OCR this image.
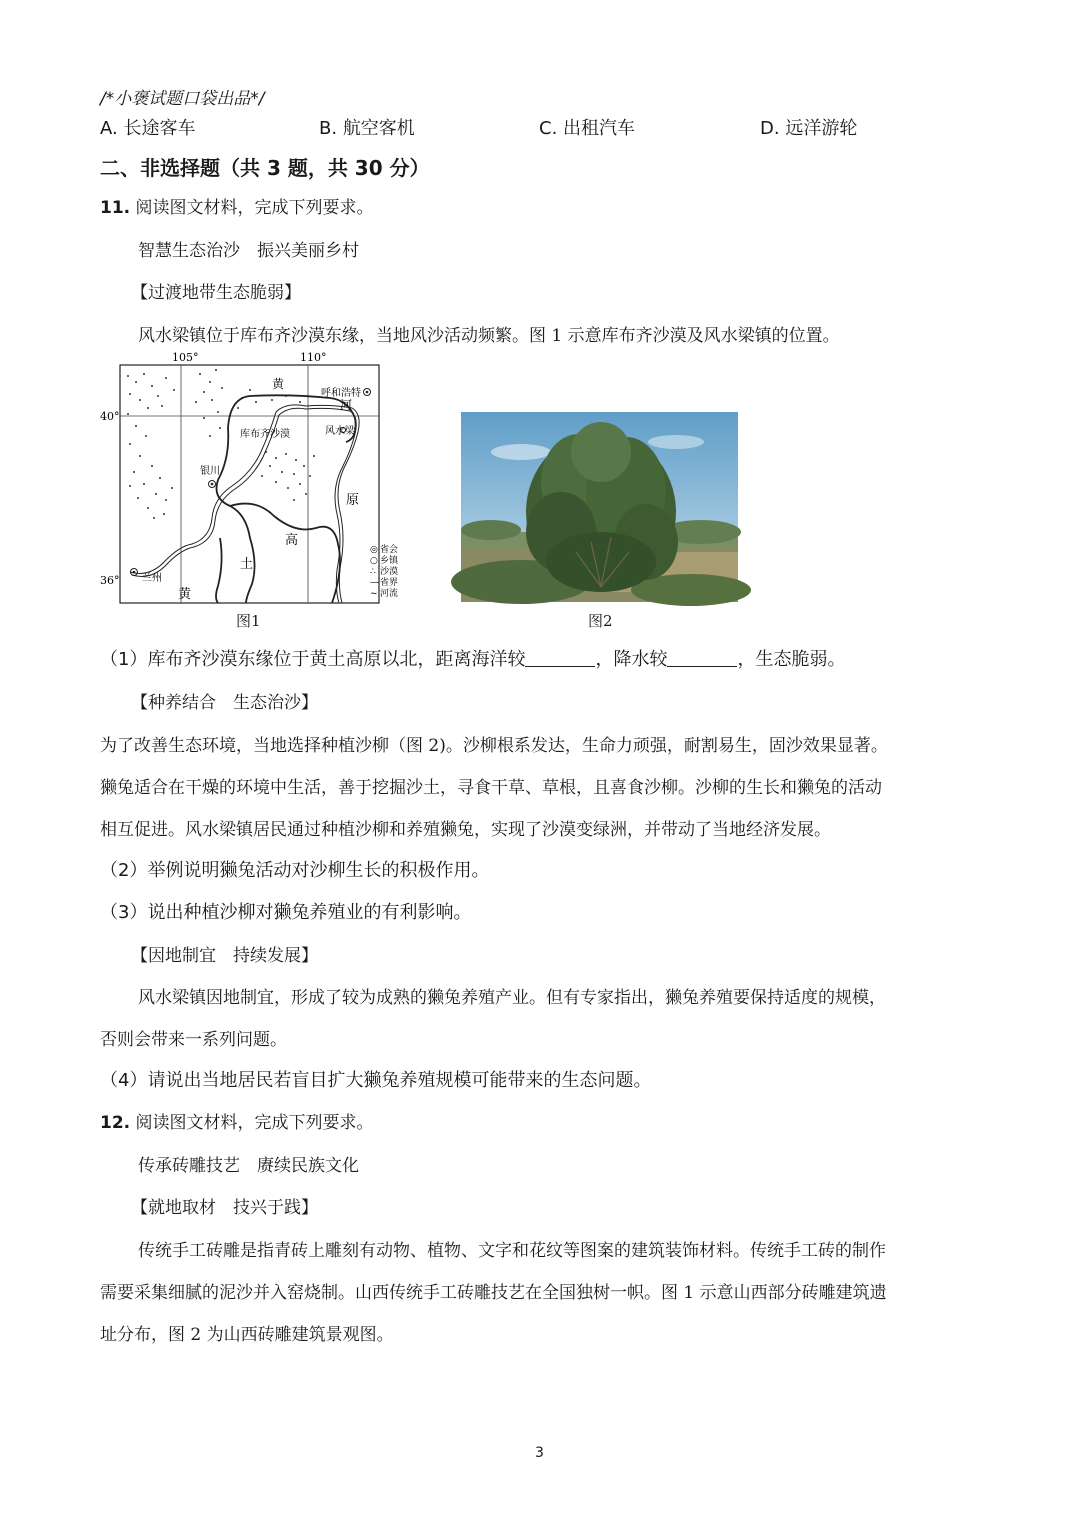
/*小褒试题口袋出品*/
A. 长途客车	B. 航空客机	C. 出租汽车	D. 远洋游轮
二、非选择题（共 3 题，共 30 分）
11. 阅读图文材料，完成下列要求。
智慧生态治沙　振兴美丽乡村
【过渡地带生态脆弱】
风水梁镇位于库布齐沙漠东缘，当地风沙活动频繁。图 1 示意库布齐沙漠及风水梁镇的位置。
105°	110°
40°
36°
呼和浩特
库布齐沙漠	风水梁
银川
兰州
黄
河
黄
土
高
原
◎ 省会
○ 乡镇
∴ 沙漠
— 省界
~ 河流
图1	图2
（1）库布齐沙漠东缘位于黄土高原以北，距离海洋较	，降水较	，生态脆弱。
【种养结合　生态治沙】
为了改善生态环境，当地选择种植沙柳（图 2)。沙柳根系发达，生命力顽强，耐割易生，固沙效果显著。
獭兔适合在干燥的环境中生活，善于挖掘沙土，寻食干草、草根，且喜食沙柳。沙柳的生长和獭兔的活动
相互促进。风水梁镇居民通过种植沙柳和养殖獭兔，实现了沙漠变绿洲，并带动了当地经济发展。
（2）举例说明獭兔活动对沙柳生长的积极作用。
（3）说出种植沙柳对獭兔养殖业的有利影响。
【因地制宜　持续发展】
风水梁镇因地制宜，形成了较为成熟的獭兔养殖产业。但有专家指出，獭兔养殖要保持适度的规模，
否则会带来一系列问题。
（4）请说出当地居民若盲目扩大獭兔养殖规模可能带来的生态问题。
12. 阅读图文材料，完成下列要求。
传承砖雕技艺　赓续民族文化
【就地取材　技兴于践】
传统手工砖雕是指青砖上雕刻有动物、植物、文字和花纹等图案的建筑装饰材料。传统手工砖的制作
需要采集细腻的泥沙并入窑烧制。山西传统手工砖雕技艺在全国独树一帜。图 1 示意山西部分砖雕建筑遗
址分布，图 2 为山西砖雕建筑景观图。
3
